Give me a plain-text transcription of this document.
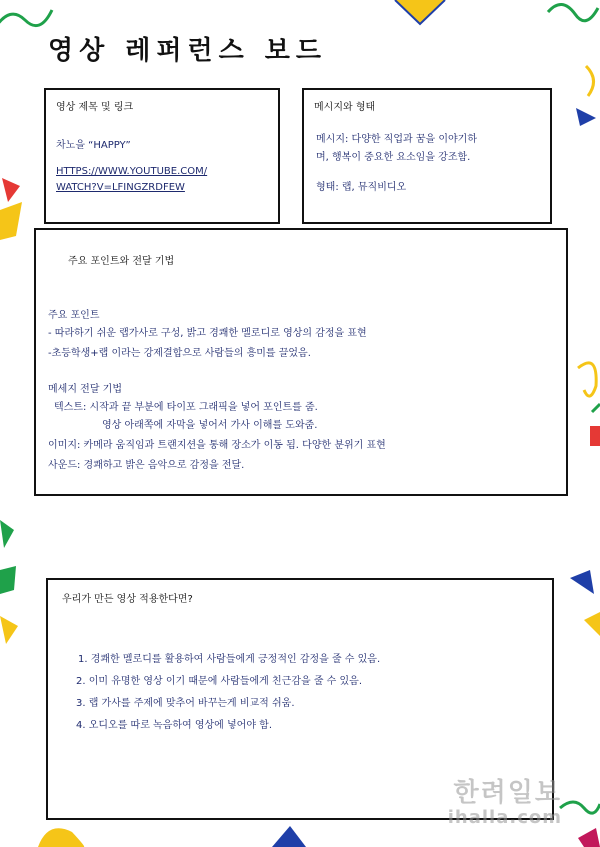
영상 레퍼런스 보드
영상 제목 및 링크
차노을 “HAPPY”
HTTPS://WWW.YOUTUBE.COM/
WATCH?V=LFINGZRDFEW
메시지와 형태
메시지: 다양한 직업과 꿈을 이야기하
며, 행복이 중요한 요소임을 강조함.
형태: 랩, 뮤직비디오
주요 포인트와 전달 기법
주요 포인트
- 따라하기 쉬운 랩가사로 구성, 밝고 경쾌한 멜로디로 영상의 감정을 표현
-초등학생+랩 이라는 강제결합으로 사람들의 흥미를 끌었음.
메세지 전달 기법
텍스트: 시작과 끝 부분에 타이포 그래픽을 넣어 포인트를 줌.
영상 아래쪽에 자막을 넣어서 가사 이해를 도와줌.
이미지: 카메라 움직임과 트랜지션을 통해 장소가 이동 됨. 다양한 분위기 표현
사운드: 경쾌하고 밝은 음악으로 감정을 전달.
우리가 만든 영상 적용한다면?
1. 경쾌한 멜로디를 활용하여 사람들에게 긍정적인 감정을 줄 수 있음.
2. 이미 유명한 영상 이기 때문에 사람들에게 친근감을 줄 수 있음.
3. 랩 가사를 주제에 맞추어 바꾸는게 비교적 쉬움.
4. 오디오를 따로 녹음하여 영상에 넣어야 함.
한려일보
ihalla.com
